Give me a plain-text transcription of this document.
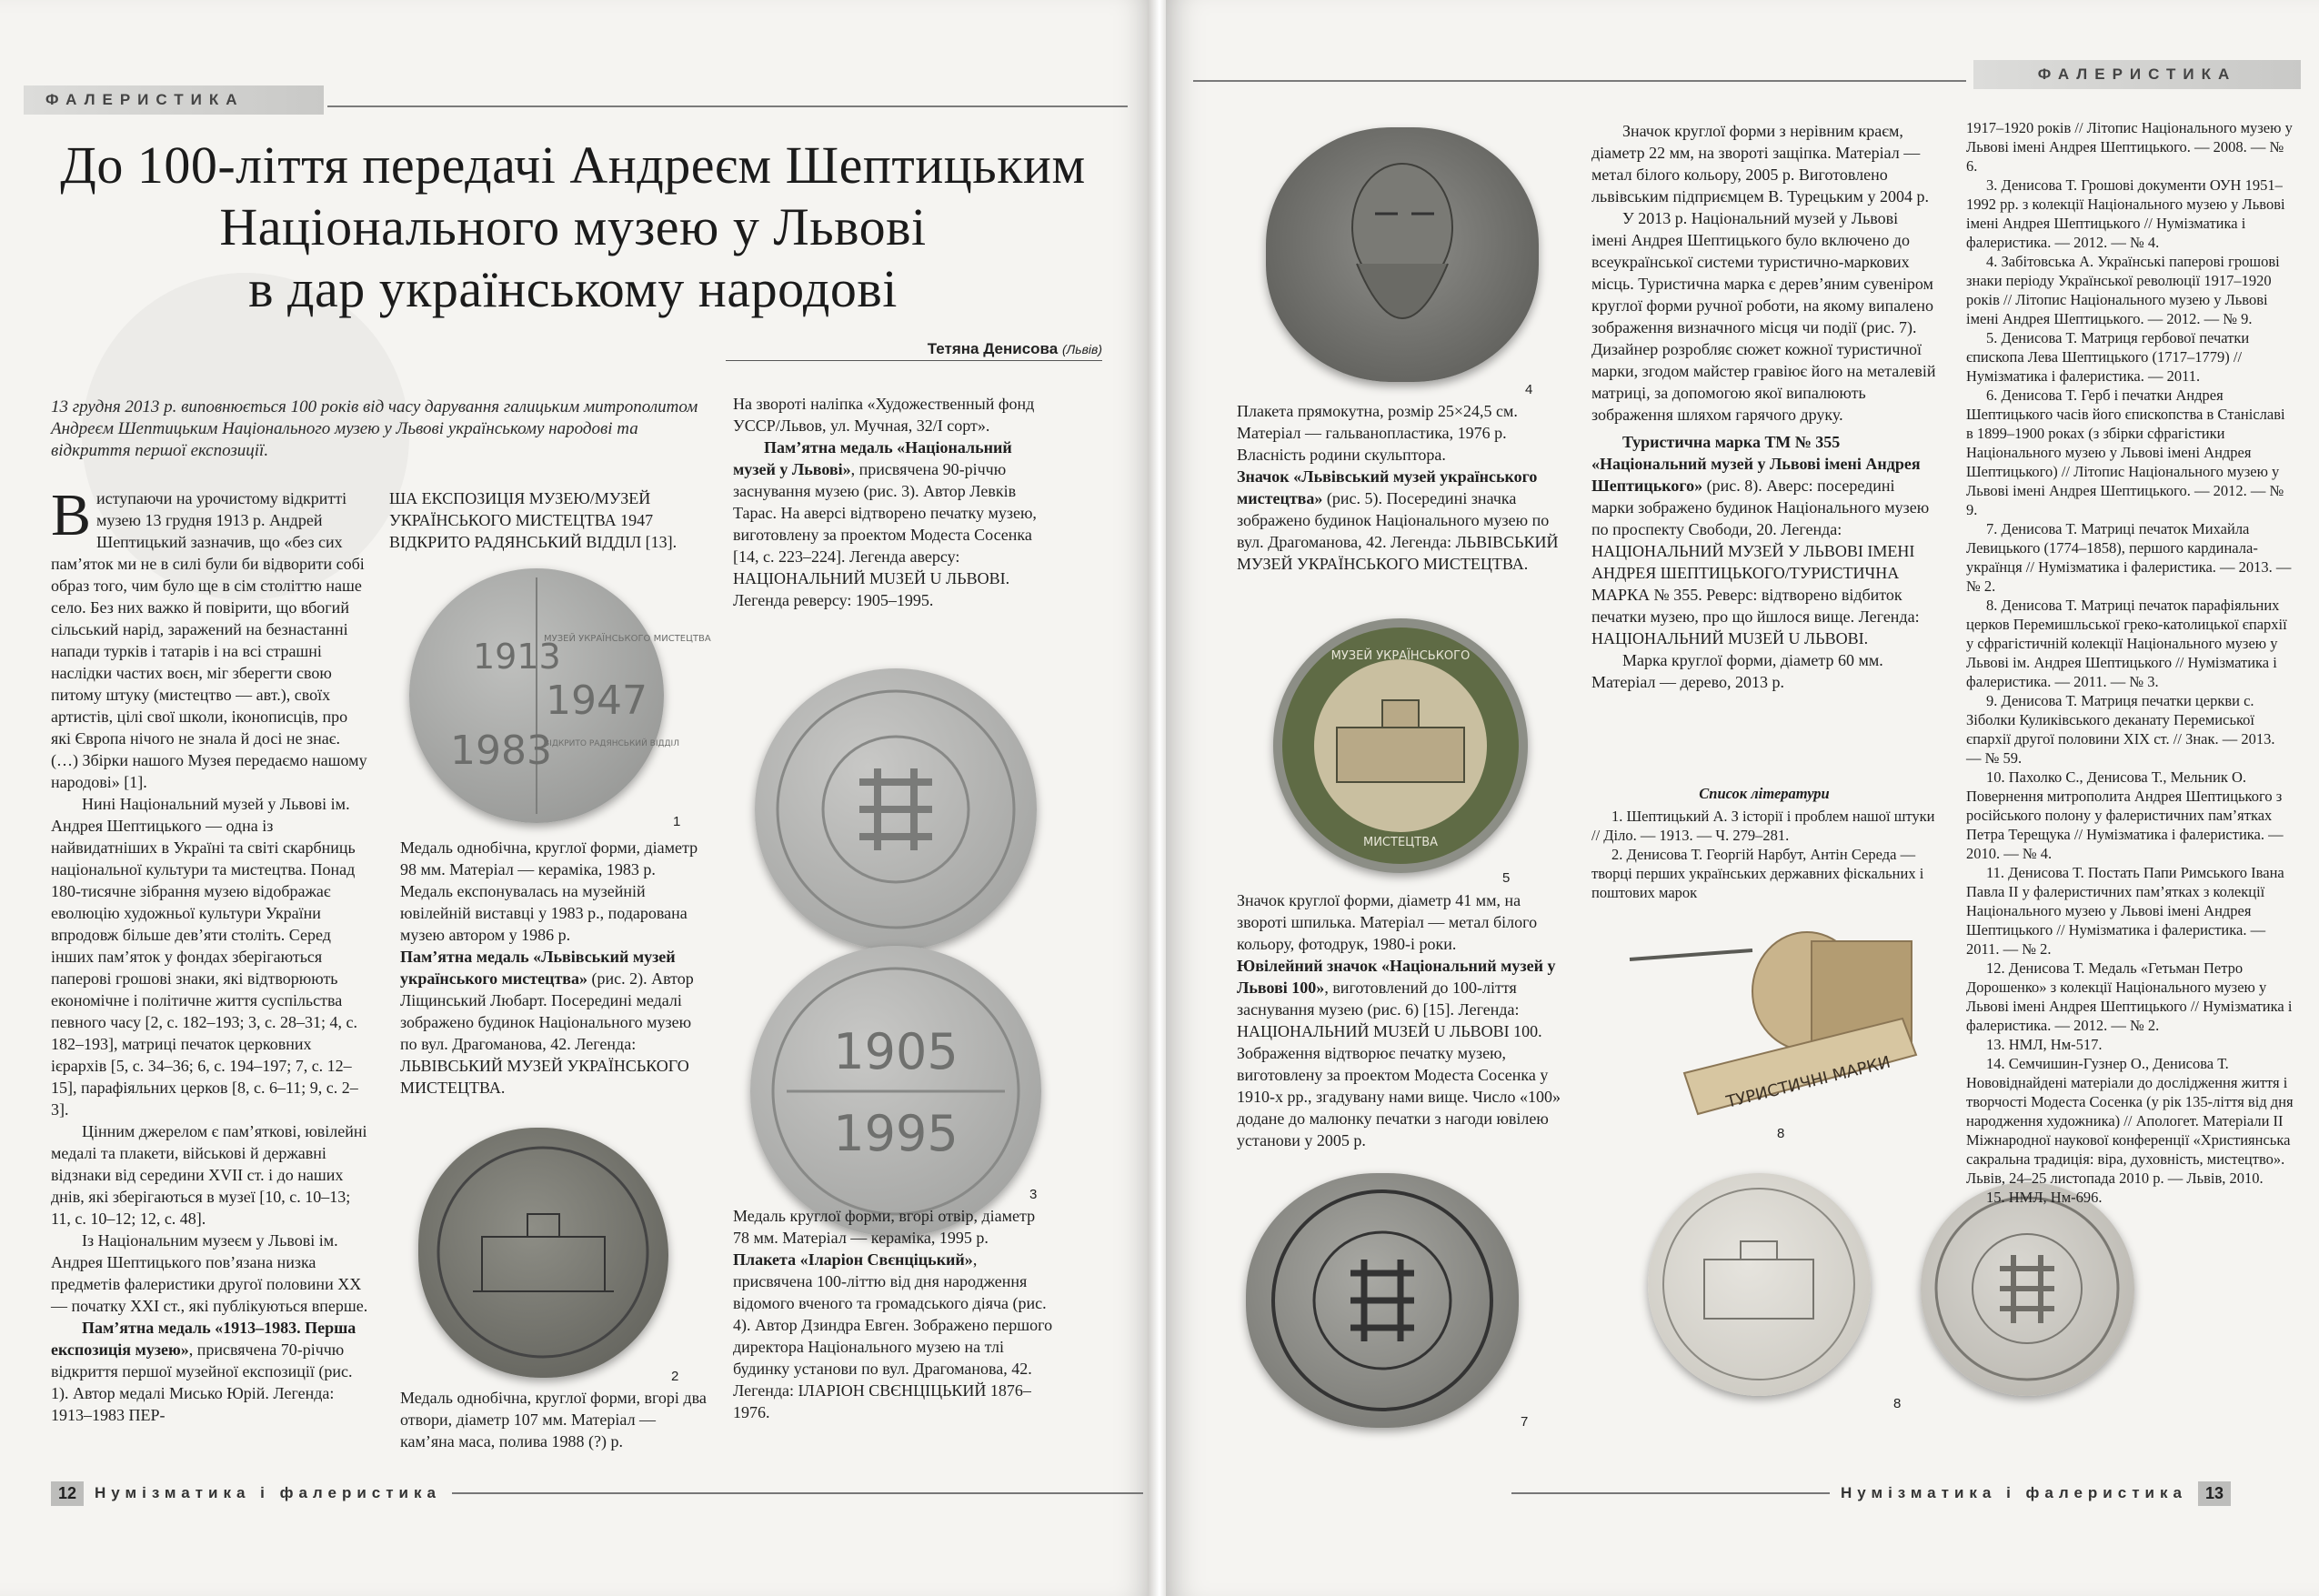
ФАЛЕРИСТИКА
До 100-ліття передачі Андреєм Шептицьким
Національного музею у Львові
в дар українському народові
Тетяна Денисова (Львів)
13 грудня 2013 р. виповнюється 100 років від часу дарування галицьким митрополитом Андреєм Шептицьким Національного музею у Львові українському народові та відкриття першої експозиції.

Виступаючи на урочистому відкритті музею 13 грудня 1913 р. Андрей Шептицький зазначив, що «без сих пам’яток ми не в силі були би відворити собі образ того, чим було ще в сім століттю наше село. Без них важко й повірити, що вбогий сільський нарід, заражений на безнастанні напади турків і татарів і на всі страшні наслідки частих воєн, міг зберегти свою питому штуку (мистецтво — авт.), своїх артистів, цілі свої школи, іконописців, про які Європа нічого не знала й досі не знає. (…) Збірки нашого Музея передаємо нашому народові» [1].

Нині Національний музей у Львові ім. Андрея Шептицького — одна із найвидатніших в Україні та світі скарбниць національної культури та мистецтва. Понад 180-тисячне зібрання музею відображає еволюцію художньої культури України впродовж більше дев’яти століть. Серед інших пам’яток у фондах зберігаються паперові грошові знаки, які відтворюють економічне і політичне життя суспільства певного часу [2, с. 182–193; 3, с. 28–31; 4, с. 182–193], матриці печаток церковних ієрархів [5, с. 34–36; 6, с. 194–197; 7, с. 12–15], парафіяльних церков [8, с. 6–11; 9, с. 2–3].

Цінним джерелом є пам’яткові, ювілейні медалі та плакети, військові й державні відзнаки від середини XVII ст. і до наших днів, які зберігаються в музеї [10, с. 10–13; 11, с. 10–12; 12, с. 48].

Із Національним музеєм у Львові ім. Андрея Шептицького пов’язана низка предметів фалеристики другої половини XX — початку XXI ст., які публікуються вперше.

Пам’ятна медаль «1913–1983. Перша експозиція музею», присвячена 70-річчю відкриття першої музейної експозиції (рис. 1). Автор медалі Мисько Юрій. Легенда: 1913–1983 ПЕР-

ША ЕКСПОЗИЦІЯ МУЗЕЮ/МУЗЕЙ УКРАЇНСЬКОГО МИСТЕЦТВА 1947 ВІДКРИТО РАДЯНСЬКИЙ ВІДДІЛ [13].
1913
1947
1983
МУЗЕЙ УКРАЇНСЬКОГО МИСТЕЦТВА
ВІДКРИТО РАДЯНСЬКИЙ ВІДДІЛ
1

Медаль однобічна, круглої форми, діаметр 98 мм. Матеріал — кераміка, 1983 р. Медаль експонувалась на музейній ювілейній виставці у 1983 р., подарована музею автором у 1986 р.

Пам’ятна медаль «Львівський музей українського мистецтва» (рис. 2). Автор Ліщинський Любарт. Посередині медалі зображено будинок Національного музею по вул. Драгоманова, 42. Легенда: ЛЬВІВСЬКИЙ МУЗЕЙ УКРАЇНСЬКОГО МИСТЕЦТВА.

2

Медаль однобічна, круглої форми, вгорі два отвори, діаметр 107 мм. Матеріал — кам’яна маса, полива 1988 (?) р.

На звороті наліпка «Художественный фонд УССР/Львов, ул. Мучная, 32/I сорт».

Пам’ятна медаль «Національний музей у Львові», присвячена 90-річчю заснування музею (рис. 3). Автор Левків Тарас. На аверсі відтворено печатку музею, виготовлену за проектом Модеста Сосенка [14, с. 223–224]. Легенда аверсу: НАЦІОНАЛЬНИЙ МUЗЕЙ U ЛЬВОВІ. Легенда реверсу: 1905–1995.

1905
1995
3

Медаль круглої форми, вгорі отвір, діаметр 78 мм. Матеріал — кераміка, 1995 р.

Плакета «Іларіон Свєнціцький», присвячена 100-літтю від дня народження відомого вченого та громадського діяча (рис. 4). Автор Дзиндра Евген. Зображено першого директора Національного музею на тлі будинку установи по вул. Драгоманова, 42. Легенда: ІЛАРІОН СВЄНЦІЦЬКИЙ 1876–1976.

12	Нумізматика і фалеристика
ФАЛЕРИСТИКА
4

Плакета прямокутна, розмір 25×24,5 см. Матеріал — гальванопластика, 1976 р. Власність родини скульптора.

Значок «Львівський музей українського мистецтва» (рис. 5). Посередині значка зображено будинок Національного музею по вул. Драгоманова, 42. Легенда: ЛЬВІВСЬКИЙ МУЗЕЙ УКРАЇНСЬКОГО МИСТЕЦТВА.

МУЗЕЙ УКРАЇНСЬКОГО
МИСТЕЦТВА
5

Значок круглої форми, діаметр 41 мм, на звороті шпилька. Матеріал — метал білого кольору, фотодрук, 1980-і роки.

Ювілейний значок «Національний музей у Львові 100», виготовлений до 100-ліття заснування музею (рис. 6) [15]. Легенда: НАЦІОНАЛЬНИЙ МUЗЕЙ U ЛЬВОВІ 100. Зображення відтворює печатку музею, виготовлену за проектом Модеста Сосенка у 1910-х рр., згадувану нами вище. Число «100» додане до малюнку печатки з нагоди ювілею установи у 2005 р.

7

Значок круглої форми з нерівним краєм, діаметр 22 мм, на звороті защіпка. Матеріал — метал білого кольору, 2005 р. Виготовлено львівським підприємцем В. Турецьким у 2004 р.

У 2013 р. Національний музей у Львові імені Андрея Шептицького було включено до всеукраїнської системи туристично-маркових місць. Туристична марка є дерев’яним сувеніром круглої форми ручної роботи, на якому випалено зображення визначного місця чи події (рис. 7). Дизайнер розробляє сюжет кожної туристичної марки, згодом майстер гравіює його на металевій матриці, за допомогою якої випалюють зображення шляхом гарячого друку.

Туристична марка ТМ № 355 «Національний музей у Львові імені Андрея Шептицького» (рис. 8). Аверс: посередині марки зображено будинок Національного музею по проспекту Свободи, 20. Легенда: НАЦІОНАЛЬНИЙ МУЗЕЙ У ЛЬВОВІ ІМЕНІ АНДРЕЯ ШЕПТИЦЬКОГО/ТУРИСТИЧНА МАРКА № 355. Реверс: відтворено відбиток печатки музею, про що йшлося вище. Легенда: НАЦІОНАЛЬНИЙ МUЗЕЙ U ЛЬВОВІ.

Марка круглої форми, діаметр 60 мм. Матеріал — дерево, 2013 р.

Список літератури

1. Шептицький А. З історії і проблем нашої штуки // Діло. — 1913. — Ч. 279–281.

2. Денисова Т. Георгій Нарбут, Антін Середа — творці перших українських державних фіскальних і поштових марок

ТУРИСТИЧНІ МАРКИ
8
8

1917–1920 років // Літопис Національного музею у Львові імені Андрея Шептицького. — 2008. — № 6.

3. Денисова Т. Грошові документи ОУН 1951–1992 рр. з колекції Національного музею у Львові імені Андрея Шептицького // Нумізматика і фалеристика. — 2012. — № 4.

4. Забітовська А. Українські паперові грошові знаки періоду Української революції 1917–1920 років // Літопис Національного музею у Львові імені Андрея Шептицького. — 2012. — № 9.

5. Денисова Т. Матриця гербової печатки єпископа Лева Шептицького (1717–1779) // Нумізматика і фалеристика. — 2011.

6. Денисова Т. Герб і печатки Андрея Шептицького часів його єпископства в Станіславі в 1899–1900 роках (з збірки сфрагістики Національного музею у Львові імені Андрея Шептицького) // Літопис Національного музею у Львові імені Андрея Шептицького. — 2012. — № 9.

7. Денисова Т. Матриці печаток Михайла Левицького (1774–1858), першого кардинала-українця // Нумізматика і фалеристика. — 2013. — № 2.

8. Денисова Т. Матриці печаток парафіяльних церков Перемишльської греко-католицької єпархії у сфрагістичній колекції Національного музею у Львові ім. Андрея Шептицького // Нумізматика і фалеристика. — 2011. — № 3.

9. Денисова Т. Матриця печатки церкви с. Зіболки Куликівського деканату Перемиської єпархії другої половини XIX ст. // Знак. — 2013. — № 59.

10. Пахолко С., Денисова Т., Мельник О. Повернення митрополита Андрея Шептицького з російського полону у фалеристичних пам’ятках Петра Терещука // Нумізматика і фалеристика. — 2010. — № 4.

11. Денисова Т. Постать Папи Римського Івана Павла II у фалеристичних пам’ятках з колекції Національного музею у Львові імені Андрея Шептицького // Нумізматика і фалеристика. — 2011. — № 2.

12. Денисова Т. Медаль «Гетьман Петро Дорошенко» з колекції Національного музею у Львові імені Андрея Шептицького // Нумізматика і фалеристика. — 2012. — № 2.

13. НМЛ, Нм-517.

14. Семчишин-Гузнер О., Денисова Т. Нововіднайдені матеріали до дослідження життя і творчості Модеста Сосенка (у рік 135-ліття від дня народження художника) // Апологет. Матеріали II Міжнародної наукової конференції «Християнська сакральна традиція: віра, духовність, мистецтво». Львів, 24–25 листопада 2010 р. — Львів, 2010.

15. НМЛ, Нм-696.

Нумізматика і фалеристика	13
